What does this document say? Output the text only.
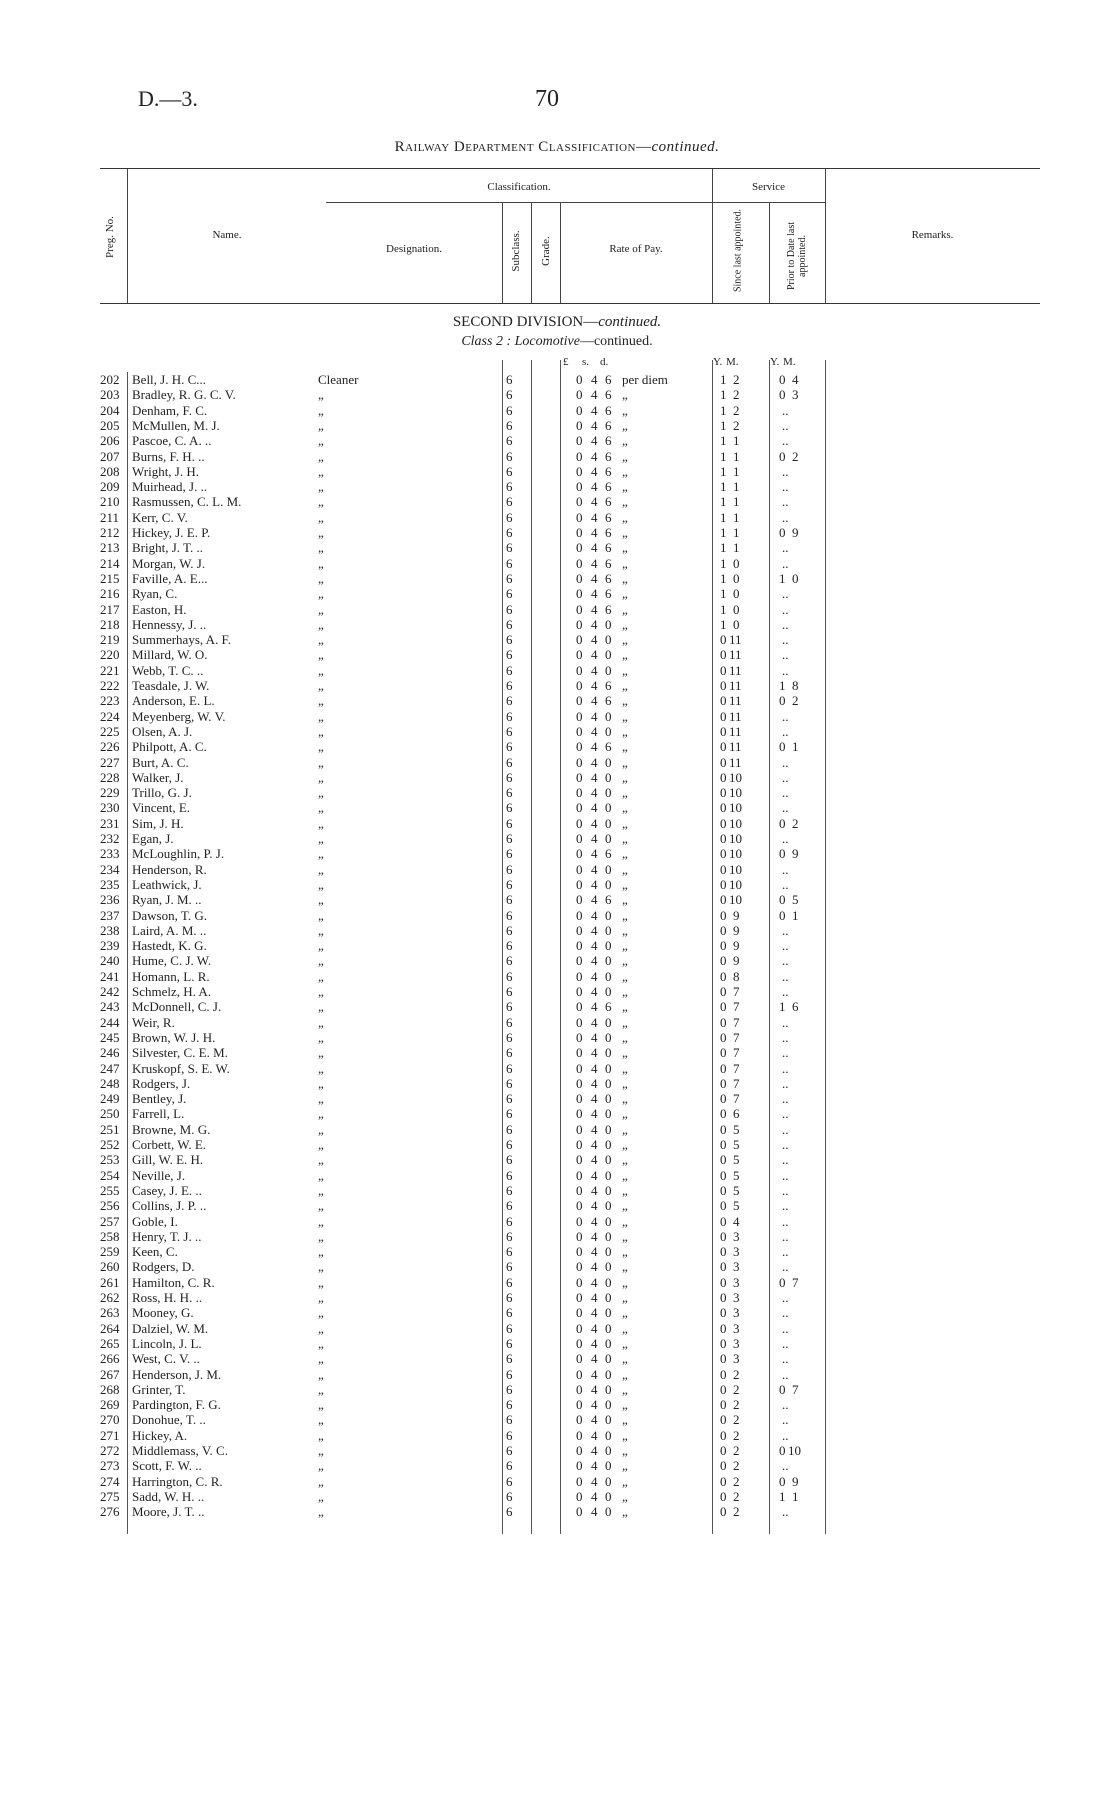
D.—3.	70
Railway Department Classification—continued.
Preg. No.	Name.
Classification.
Designation.	Subclass. Grade.	Rate of Pay.
Service
Since last appointed.	Prior to Date last appointed.
Remarks.
SECOND DIVISION—continued.
Class 2 : Locomotive—continued.
£ s. d.	Y. M.	Y. M.
202 Bell, J. H. C...	Cleaner	6	0 4 6 per diem	1 2	0 4
203 Bradley, R. G. C. V.	„	6	0 4 6 „	1 2	0 3
204 Denham, F. C.	„	6	0 4 6 „	1 2	..
205 McMullen, M. J.	„	6	0 4 6 „	1 2	..
206 Pascoe, C. A. ..	„	6	0 4 6 „	1 1	..
207 Burns, F. H. ..	„	6	0 4 6 „	1 1	0 2
208 Wright, J. H.	„	6	0 4 6 „	1 1	..
209 Muirhead, J. ..	„	6	0 4 6 „	1 1	..
210 Rasmussen, C. L. M.	„	6	0 4 6 „	1 1	..
211 Kerr, C. V.	„	6	0 4 6 „	1 1	..
212 Hickey, J. E. P.	„	6	0 4 6 „	1 1	0 9
213 Bright, J. T. ..	„	6	0 4 6 „	1 1	..
214 Morgan, W. J.	„	6	0 4 6 „	1 0	..
215 Faville, A. E...	„	6	0 4 6 „	1 0	1 0
216 Ryan, C.	„	6	0 4 6 „	1 0	..
217 Easton, H.	„	6	0 4 6 „	1 0	..
218 Hennessy, J. ..	„	6	0 4 0 „	1 0	..
219 Summerhays, A. F.	„	6	0 4 0 „	0 11	..
220 Millard, W. O.	„	6	0 4 0 „	0 11	..
221 Webb, T. C. ..	„	6	0 4 0 „	0 11	..
222 Teasdale, J. W.	„	6	0 4 6 „	0 11	1 8
223 Anderson, E. L.	„	6	0 4 6 „	0 11	0 2
224 Meyenberg, W. V.	„	6	0 4 0 „	0 11	..
225 Olsen, A. J.	„	6	0 4 0 „	0 11	..
226 Philpott, A. C.	„	6	0 4 6 „	0 11	0 1
227 Burt, A. C.	„	6	0 4 0 „	0 11	..
228 Walker, J.	„	6	0 4 0 „	0 10	..
229 Trillo, G. J.	„	6	0 4 0 „	0 10	..
230 Vincent, E.	„	6	0 4 0 „	0 10	..
231 Sim, J. H.	„	6	0 4 0 „	0 10	0 2
232 Egan, J.	„	6	0 4 0 „	0 10	..
233 McLoughlin, P. J.	„	6	0 4 6 „	0 10	0 9
234 Henderson, R.	„	6	0 4 0 „	0 10	..
235 Leathwick, J.	„	6	0 4 0 „	0 10	..
236 Ryan, J. M. ..	„	6	0 4 6 „	0 10	0 5
237 Dawson, T. G.	„	6	0 4 0 „	0 9	0 1
238 Laird, A. M. ..	„	6	0 4 0 „	0 9	..
239 Hastedt, K. G.	„	6	0 4 0 „	0 9	..
240 Hume, C. J. W.	„	6	0 4 0 „	0 9	..
241 Homann, L. R.	„	6	0 4 0 „	0 8	..
242 Schmelz, H. A.	„	6	0 4 0 „	0 7	..
243 McDonnell, C. J.	„	6	0 4 6 „	0 7	1 6
244 Weir, R.	„	6	0 4 0 „	0 7	..
245 Brown, W. J. H.	„	6	0 4 0 „	0 7	..
246 Silvester, C. E. M.	„	6	0 4 0 „	0 7	..
247 Kruskopf, S. E. W.	„	6	0 4 0 „	0 7	..
248 Rodgers, J.	„	6	0 4 0 „	0 7	..
249 Bentley, J.	„	6	0 4 0 „	0 7	..
250 Farrell, L.	„	6	0 4 0 „	0 6	..
251 Browne, M. G.	„	6	0 4 0 „	0 5	..
252 Corbett, W. E.	„	6	0 4 0 „	0 5	..
253 Gill, W. E. H.	„	6	0 4 0 „	0 5	..
254 Neville, J.	„	6	0 4 0 „	0 5	..
255 Casey, J. E. ..	„	6	0 4 0 „	0 5	..
256 Collins, J. P. ..	„	6	0 4 0 „	0 5	..
257 Goble, I.	„	6	0 4 0 „	0 4	..
258 Henry, T. J. ..	„	6	0 4 0 „	0 3	..
259 Keen, C.	„	6	0 4 0 „	0 3	..
260 Rodgers, D.	„	6	0 4 0 „	0 3	..
261 Hamilton, C. R.	„	6	0 4 0 „	0 3	0 7
262 Ross, H. H. ..	„	6	0 4 0 „	0 3	..
263 Mooney, G.	„	6	0 4 0 „	0 3	..
264 Dalziel, W. M.	„	6	0 4 0 „	0 3	..
265 Lincoln, J. L.	„	6	0 4 0 „	0 3	..
266 West, C. V. ..	„	6	0 4 0 „	0 3	..
267 Henderson, J. M.	„	6	0 4 0 „	0 2	..
268 Grinter, T.	„	6	0 4 0 „	0 2	0 7
269 Pardington, F. G.	„	6	0 4 0 „	0 2	..
270 Donohue, T. ..	„	6	0 4 0 „	0 2	..
271 Hickey, A.	„	6	0 4 0 „	0 2	..
272 Middlemass, V. C.	„	6	0 4 0 „	0 2	0 10
273 Scott, F. W. ..	„	6	0 4 0 „	0 2	..
274 Harrington, C. R.	„	6	0 4 0 „	0 2	0 9
275 Sadd, W. H. ..	„	6	0 4 0 „	0 2	1 1
276 Moore, J. T. ..	„	6	0 4 0 „	0 2	..
